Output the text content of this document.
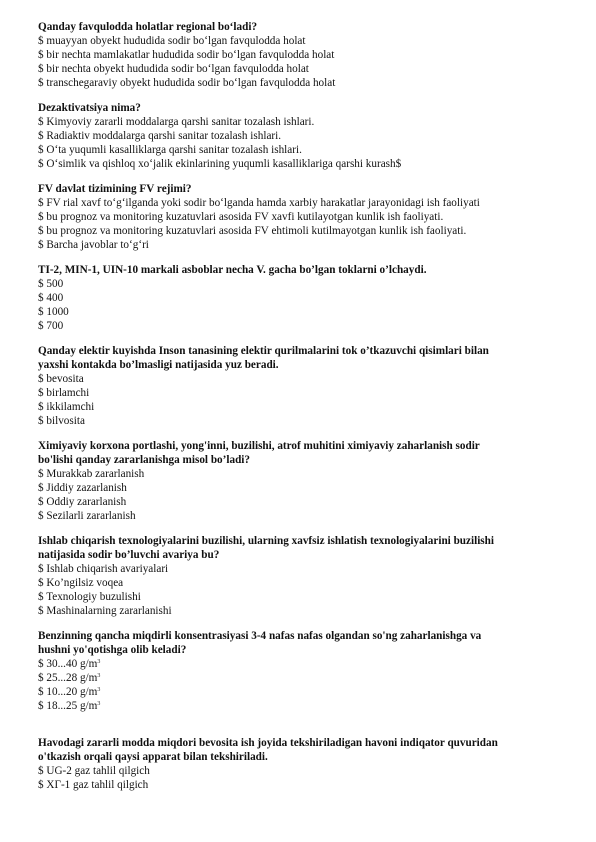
Qanday favqulodda holatlar regional bo‘ladi?

$ muayyan obyekt hududida sodir bo‘lgan favqulodda holat

$ bir nechta mamlakatlar hududida sodir bo‘lgan favqulodda holat

$ bir nechta obyekt hududida sodir bo‘lgan favqulodda holat

$ transchegaraviy obyekt hududida sodir bo‘lgan favqulodda holat

Dezaktivatsiya nima?

$ Kimyoviy zararli moddalarga qarshi sanitar tozalash ishlari.

$ Radiaktiv moddalarga qarshi sanitar tozalash ishlari.

$ O‘ta yuqumli kasalliklarga qarshi sanitar tozalash ishlari.

$ O‘simlik va qishloq xo‘jalik ekinlarining yuqumli kasalliklariga qarshi kurash$

FV davlat tizimining FV rejimi?

$ FV rial xavf to‘g‘ilganda yoki sodir bo‘lganda hamda xarbiy harakatlar jarayonidagi ish faoliyati

$ bu prognoz va monitoring kuzatuvlari asosida FV xavfi kutilayotgan kunlik ish faoliyati.

$ bu prognoz va monitoring kuzatuvlari asosida FV ehtimoli kutilmayotgan kunlik ish faoliyati.

$ Barcha javoblar to‘g‘ri

TI-2, MIN-1, UIN-10 markali asboblar necha V. gacha bo’lgan toklarni o’lchaydi.

$ 500

$ 400

$ 1000

$ 700

Qanday elektir kuyishda Inson tanasining elektir qurilmalarini tok o’tkazuvchi qisimlari bilan
yaxshi kontakda bo’lmasligi natijasida yuz beradi.

$ bevosita

$ birlamchi

$ ikkilamchi

$ bilvosita

Ximiyaviy korxona portlashi, yong'inni, buzilishi, atrof muhitini ximiyaviy zaharlanish sodir
bo'lishi qanday zararlanishga misol bo’ladi?

$ Murakkab zararlanish

$ Jiddiy zazarlanish

$ Oddiy zararlanish

$ Sezilarli zararlanish

Ishlab chiqarish texnologiyalarini buzilishi, ularning xavfsiz ishlatish texnologiyalarini buzilishi
natijasida sodir bo’luvchi avariya bu?

$ Ishlab chiqarish avariyalari

$ Ko’ngilsiz voqea

$ Texnologiy buzulishi

$ Mashinalarning zararlanishi

Benzinning qancha miqdirli konsentrasiyasi 3-4 nafas nafas olgandan so'ng zaharlanishga va
hushni yo'qotishga olib keladi?

$ 30...40 $g/m^3$

$ 25...28 $g/m^3$

$ 10...20 $g/m^3$

$ 18...25 $g/m^3$

Havodagi zararli modda miqdori bevosita ish joyida tekshiriladigan havoni indiqator quvuridan
o'tkazish orqali qaysi apparat bilan tekshiriladi.

$ UG-2 gaz tahlil qilgich

$ XГ-1 gaz tahlil qilgich
